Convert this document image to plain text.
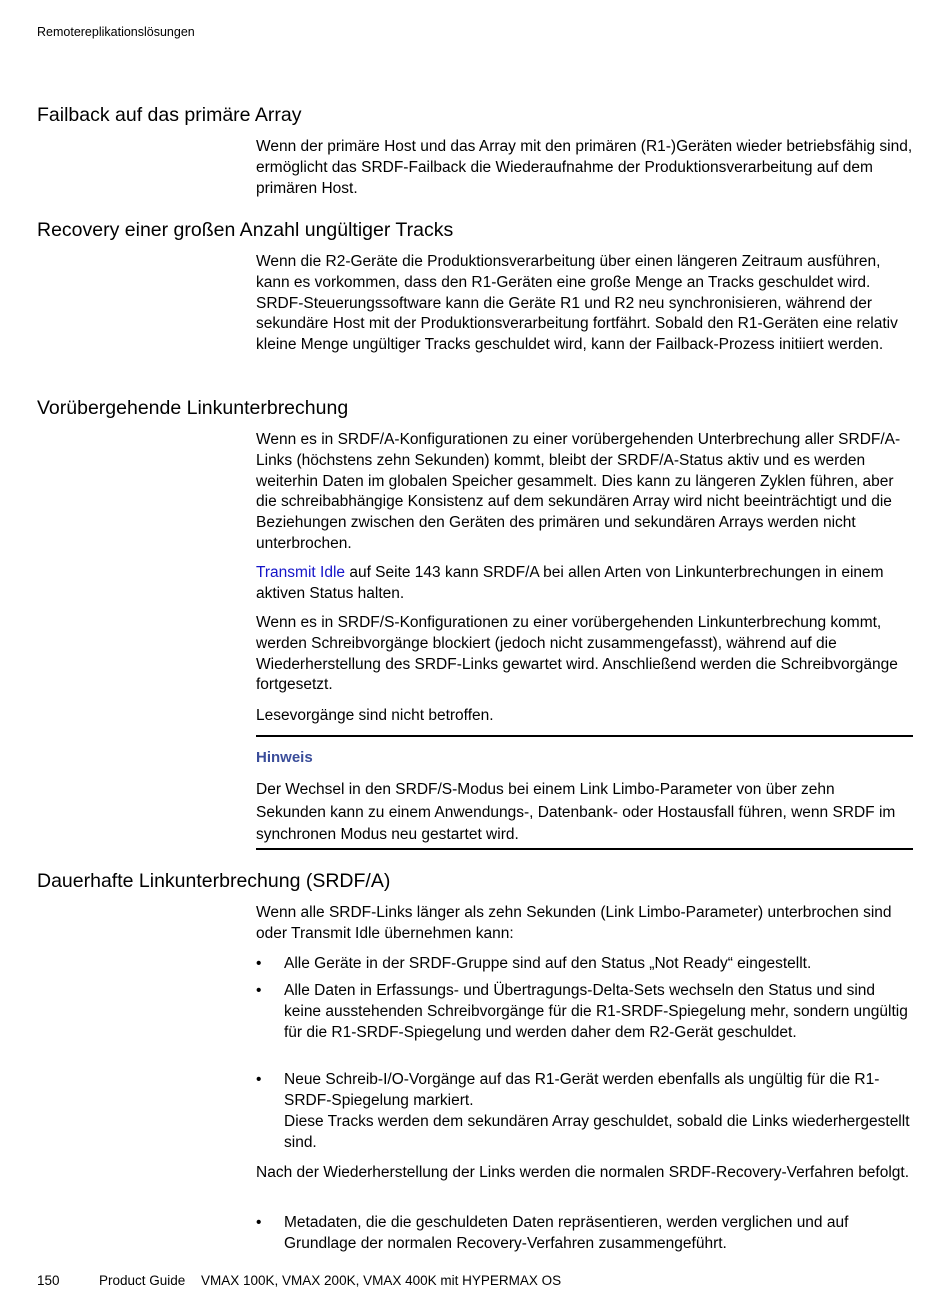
Remotereplikationslösungen
Failback auf das primäre Array

Wenn der primäre Host und das Array mit den primären (R1-)Geräten wieder betriebsfähig sind, ermöglicht das SRDF-Failback die Wiederaufnahme der Produktionsverarbeitung auf dem primären Host.

Recovery einer großen Anzahl ungültiger Tracks

Wenn die R2-Geräte die Produktionsverarbeitung über einen längeren Zeitraum ausführen, kann es vorkommen, dass den R1-Geräten eine große Menge an Tracks geschuldet wird. SRDF-Steuerungssoftware kann die Geräte R1 und R2 neu synchronisieren, während der sekundäre Host mit der Produktionsverarbeitung fortfährt. Sobald den R1-Geräten eine relativ kleine Menge ungültiger Tracks geschuldet wird, kann der Failback-Prozess initiiert werden.

Vorübergehende Linkunterbrechung

Wenn es in SRDF/A-Konfigurationen zu einer vorübergehenden Unterbrechung aller SRDF/A-Links (höchstens zehn Sekunden) kommt, bleibt der SRDF/A-Status aktiv und es werden weiterhin Daten im globalen Speicher gesammelt. Dies kann zu längeren Zyklen führen, aber die schreibabhängige Konsistenz auf dem sekundären Array wird nicht beeinträchtigt und die Beziehungen zwischen den Geräten des primären und sekundären Arrays werden nicht unterbrochen.

Transmit Idle auf Seite 143 kann SRDF/A bei allen Arten von Linkunterbrechungen in einem aktiven Status halten.

Wenn es in SRDF/S-Konfigurationen zu einer vorübergehenden Linkunterbrechung kommt, werden Schreibvorgänge blockiert (jedoch nicht zusammengefasst), während auf die Wiederherstellung des SRDF-Links gewartet wird. Anschließend werden die Schreibvorgänge fortgesetzt.

Lesevorgänge sind nicht betroffen.

Hinweis
Der Wechsel in den SRDF/S-Modus bei einem Link Limbo-Parameter von über zehn Sekunden kann zu einem Anwendungs-, Datenbank- oder Hostausfall führen, wenn SRDF im synchronen Modus neu gestartet wird.
Dauerhafte Linkunterbrechung (SRDF/A)

Wenn alle SRDF-Links länger als zehn Sekunden (Link Limbo-Parameter) unterbrochen sind oder Transmit Idle übernehmen kann:

• Alle Geräte in der SRDF-Gruppe sind auf den Status „Not Ready“ eingestellt.
• Alle Daten in Erfassungs- und Übertragungs-Delta-Sets wechseln den Status und sind keine ausstehenden Schreibvorgänge für die R1-SRDF-Spiegelung mehr, sondern ungültig für die R1-SRDF-Spiegelung und werden daher dem R2-Gerät geschuldet.
• Neue Schreib-I/O-Vorgänge auf das R1-Gerät werden ebenfalls als ungültig für die R1-SRDF-Spiegelung markiert.
Diese Tracks werden dem sekundären Array geschuldet, sobald die Links wiederhergestellt sind.

Nach der Wiederherstellung der Links werden die normalen SRDF-Recovery-Verfahren befolgt.

• Metadaten, die die geschuldeten Daten repräsentieren, werden verglichen und auf Grundlage der normalen Recovery-Verfahren zusammengeführt.
150	Product Guide VMAX 100K, VMAX 200K, VMAX 400K mit HYPERMAX OS
